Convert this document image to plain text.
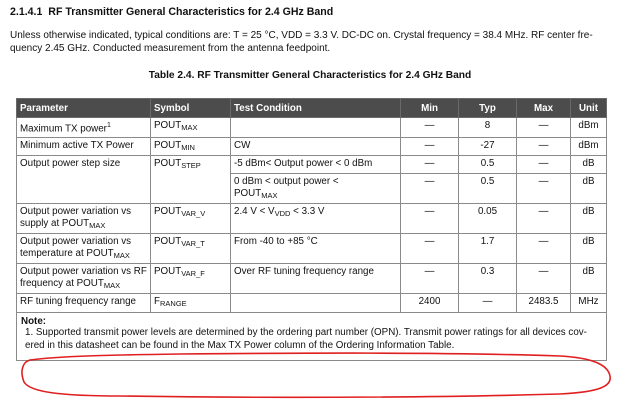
2.1.4.1 RF Transmitter General Characteristics for 2.4 GHz Band
Unless otherwise indicated, typical conditions are: T = 25 °C, VDD = 3.3 V. DC-DC on. Crystal frequency = 38.4 MHz. RF center fre-
quency 2.45 GHz. Conducted measurement from the antenna feedpoint.
Table 2.4. RF Transmitter General Characteristics for 2.4 GHz Band
Parameter	Symbol	Test Condition	Min	Typ	Max	Unit
Maximum TX power$^1$	$POUT_{MAX}$		—	8	—	dBm
Minimum active TX Power	$POUT_{MIN}$	CW	—	-27	—	dBm
Output power step size	$POUT_{STEP}$	-5 dBm< Output power < 0 dBm	—	0.5	—	dB
		0 dBm < output power <
$POUT_{MAX}$	—	0.5	—	dB
Output power variation vs
supply at $POUT_{MAX}$	$POUT_{VAR\_V}$	2.4 $V < V_{VDD} < 3.3$ V	—	0.05	—	dB
Output power variation vs
temperature at $POUT_{MAX}$	$POUT_{VAR\_T}$	From -40 to +85 °C	—	1.7	—	dB
Output power variation vs RF
frequency at $POUT_{MAX}$	$POUT_{VAR\_F}$	Over RF tuning frequency range	—	0.3	—	dB
RF tuning frequency range	$F_{RANGE}$		2400	—	2483.5	MHz

Note:
1. Supported transmit power levels are determined by the ordering part number (OPN). Transmit power ratings for all devices cov-
ered in this datasheet can be found in the Max TX Power column of the Ordering Information Table.						
